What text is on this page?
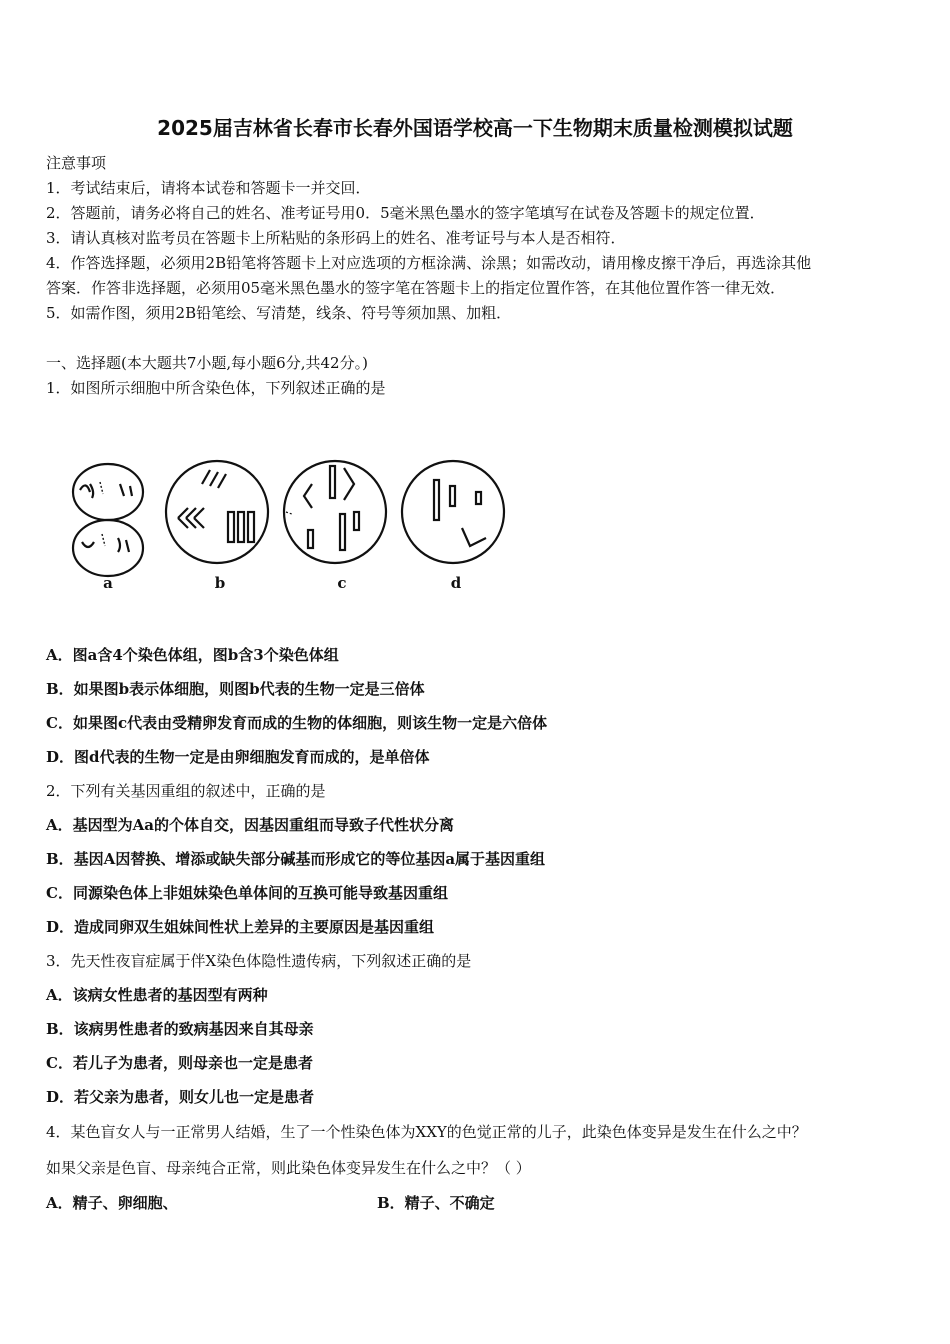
2025届吉林省长春市长春外国语学校高一下生物期末质量检测模拟试题
注意事项
1．考试结束后，请将本试卷和答题卡一并交回．
2．答题前，请务必将自己的姓名、准考证号用0．5毫米黑色墨水的签字笔填写在试卷及答题卡的规定位置．
3．请认真核对监考员在答题卡上所粘贴的条形码上的姓名、准考证号与本人是否相符．
4．作答选择题，必须用2B铅笔将答题卡上对应选项的方框涂满、涂黑；如需改动，请用橡皮擦干净后，再选涂其他
答案．作答非选择题，必须用05毫米黑色墨水的签字笔在答题卡上的指定位置作答，在其他位置作答一律无效．
5．如需作图，须用2B铅笔绘、写清楚，线条、符号等须加黑、加粗．
一、选择题(本大题共7小题,每小题6分,共42分。)
1．如图所示细胞中所含染色体，下列叙述正确的是
a	b	c	d
A．图a含4个染色体组，图b含3个染色体组
B．如果图b表示体细胞，则图b代表的生物一定是三倍体
C．如果图c代表由受精卵发育而成的生物的体细胞，则该生物一定是六倍体
D．图d代表的生物一定是由卵细胞发育而成的，是单倍体
2．下列有关基因重组的叙述中，正确的是
A．基因型为Aa的个体自交，因基因重组而导致子代性状分离
B．基因A因替换、增添或缺失部分碱基而形成它的等位基因a属于基因重组
C．同源染色体上非姐妹染色单体间的互换可能导致基因重组
D．造成同卵双生姐妹间性状上差异的主要原因是基因重组
3．先天性夜盲症属于伴X染色体隐性遗传病，下列叙述正确的是
A．该病女性患者的基因型有两种
B．该病男性患者的致病基因来自其母亲
C．若儿子为患者，则母亲也一定是患者
D．若父亲为患者，则女儿也一定是患者
4．某色盲女人与一正常男人结婚，生了一个性染色体为XXY的色觉正常的儿子，此染色体变异是发生在什么之中？
如果父亲是色盲、母亲纯合正常，则此染色体变异发生在什么之中？（ ）
A．精子、卵细胞、	B．精子、不确定
